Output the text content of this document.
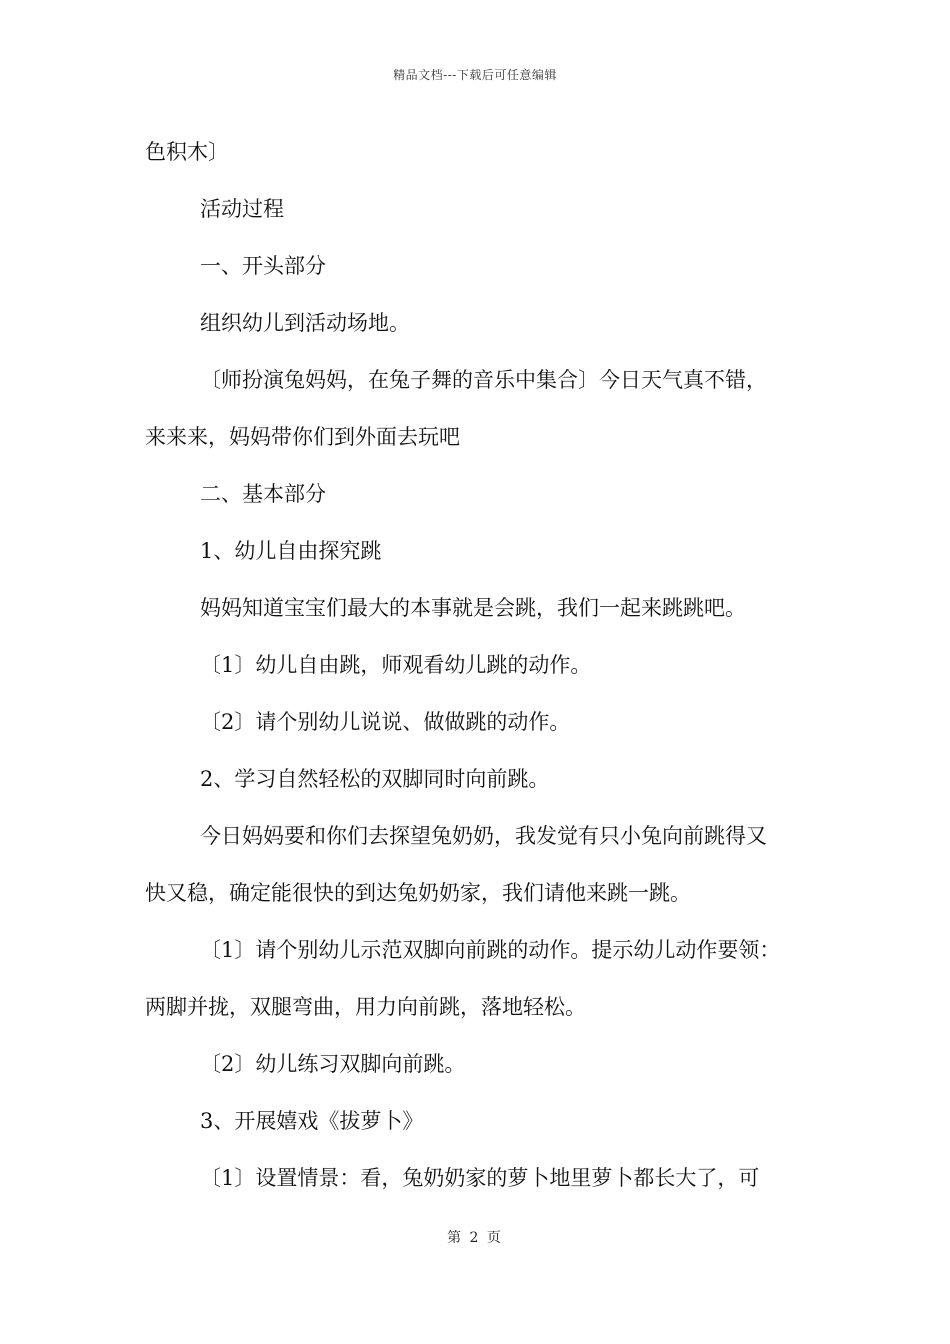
精品文档---下载后可任意编辑
色积木〕
活动过程
一、开头部分
组织幼儿到活动场地。
〔师扮演兔妈妈，在兔子舞的音乐中集合〕今日天气真不错，
来来来，妈妈带你们到外面去玩吧
二、基本部分
1、幼儿自由探究跳
妈妈知道宝宝们最大的本事就是会跳，我们一起来跳跳吧。
〔1〕幼儿自由跳，师观看幼儿跳的动作。
〔2〕请个别幼儿说说、做做跳的动作。
2、学习自然轻松的双脚同时向前跳。
今日妈妈要和你们去探望兔奶奶，我发觉有只小兔向前跳得又
快又稳，确定能很快的到达兔奶奶家，我们请他来跳一跳。
〔1〕请个别幼儿示范双脚向前跳的动作。提示幼儿动作要领：
两脚并拢，双腿弯曲，用力向前跳，落地轻松。
〔2〕幼儿练习双脚向前跳。
3、开展嬉戏《拔萝卜》
〔1〕设置情景：看，兔奶奶家的萝卜地里萝卜都长大了，可
第 2 页
